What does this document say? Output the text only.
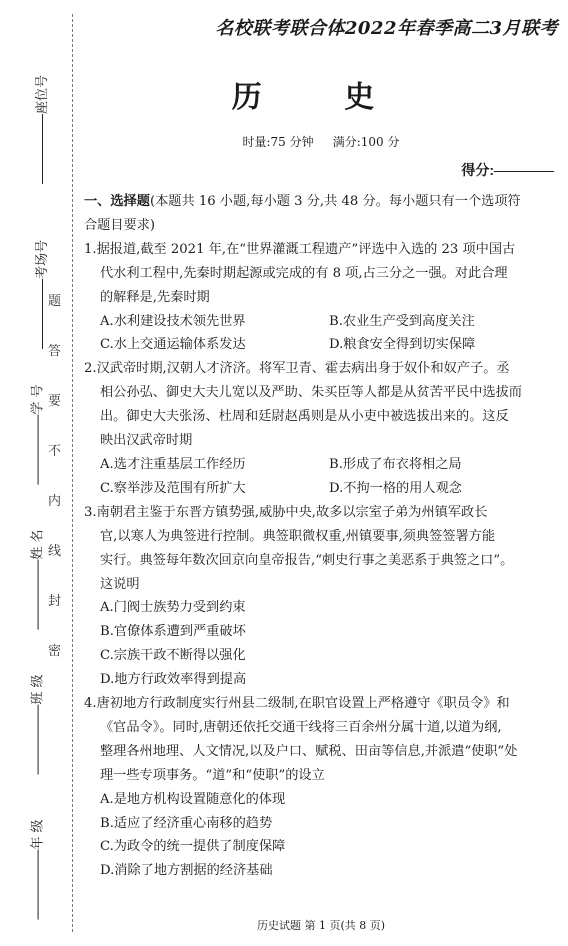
座位号
考场号
学 号
姓 名
班 级
年 级
题
答
要
不
内
线
封
密
名校联考联合体2022年春季高二3月联考
历 史
时量:75 分钟 满分:100 分
得分:
一、选择题(本题共 16 小题,每小题 3 分,共 48 分。每小题只有一个选项符
合题目要求)

1.据报道,截至 2021 年,在“世界灌溉工程遗产”评选中入选的 23 项中国古

代水利工程中,先秦时期起源或完成的有 8 项,占三分之一强。对此合理

的解释是,先秦时期

A.水利建设技术领先世界	B.农业生产受到高度关注
C.水上交通运输体系发达	D.粮食安全得到切实保障

2.汉武帝时期,汉朝人才济济。将军卫青、霍去病出身于奴仆和奴产子。丞

相公孙弘、御史大夫儿宽以及严助、朱买臣等人都是从贫苦平民中选拔而

出。御史大夫张汤、杜周和廷尉赵禹则是从小吏中被选拔出来的。这反

映出汉武帝时期

A.选才注重基层工作经历	B.形成了布衣将相之局
C.察举涉及范围有所扩大	D.不拘一格的用人观念

3.南朝君主鉴于东晋方镇势强,威胁中央,故多以宗室子弟为州镇军政长

官,以寒人为典签进行控制。典签职微权重,州镇要事,须典签签署方能

实行。典签每年数次回京向皇帝报告,“刺史行事之美恶系于典签之口”。

这说明

A.门阀士族势力受到约束
B.官僚体系遭到严重破坏
C.宗族干政不断得以强化
D.地方行政效率得到提高

4.唐初地方行政制度实行州县二级制,在职官设置上严格遵守《职员令》和

《官品令》。同时,唐朝还依托交通干线将三百余州分属十道,以道为纲,

整理各州地理、人文情况,以及户口、赋税、田亩等信息,并派遣“使职”处

理一些专项事务。“道”和“使职”的设立

A.是地方机构设置随意化的体现
B.适应了经济重心南移的趋势
C.为政令的统一提供了制度保障
D.消除了地方割据的经济基础
历史试题 第 1 页(共 8 页)
